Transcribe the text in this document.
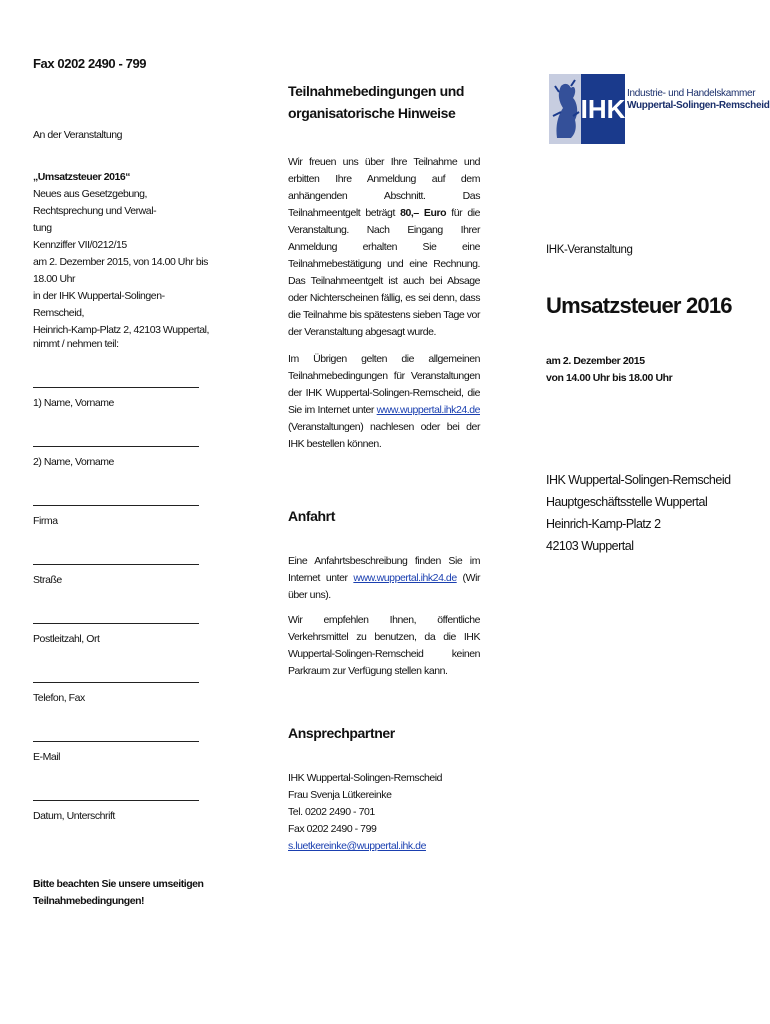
Fax 0202 2490 - 799
An der Veranstaltung
„Umsatzsteuer 2016“
Neues aus Gesetzgebung, Rechtsprechung und Verwal-
tung
Kennziffer VII/0212/15
am 2. Dezember 2015, von 14.00 Uhr bis 18.00 Uhr
in der IHK Wuppertal-Solingen-Remscheid,
Heinrich-Kamp-Platz 2, 42103 Wuppertal,
nimmt / nehmen teil:
1) Name, Vorname
2) Name, Vorname
Firma
Straße
Postleitzahl, Ort
Telefon, Fax
E-Mail
Datum, Unterschrift
Bitte beachten Sie unsere umseitigen
Teilnahmebedingungen!
Teilnahmebedingungen und
organisatorische Hinweise
Wir freuen uns über Ihre Teilnahme und erbitten Ihre Anmeldung auf dem anhängenden Abschnitt. Das Teilnahmeentgelt beträgt 80,– Euro für die Veranstaltung. Nach Eingang Ihrer Anmeldung erhalten Sie eine Teilnahmebestätigung und eine Rechnung. Das Teilnahmeentgelt ist auch bei Absage oder Nichterscheinen fällig, es sei denn, dass die Teilnahme bis spätestens sieben Tage vor der Veranstaltung abgesagt wurde.
Im Übrigen gelten die allgemeinen Teilnahmebedingungen für Veranstaltungen der IHK Wuppertal-Solingen-Remscheid, die Sie im Internet unter www.wuppertal.ihk24.de (Veranstaltungen) nachlesen oder bei der IHK bestellen können.
Anfahrt
Eine Anfahrtsbeschreibung finden Sie im Internet unter www.wuppertal.ihk24.de (Wir über uns).
Wir empfehlen Ihnen, öffentliche Verkehrsmittel zu benutzen, da die IHK Wuppertal-Solingen-Remscheid keinen Parkraum zur Verfügung stellen kann.
Ansprechpartner
IHK Wuppertal-Solingen-Remscheid
Frau Svenja Lütkereinke
Tel. 0202 2490 - 701
Fax 0202 2490 - 799
s.luetkereinke@wuppertal.ihk.de
IHK
Industrie- und Handelskammer
Wuppertal-Solingen-Remscheid
IHK-Veranstaltung
Umsatzsteuer 2016
am 2. Dezember 2015
von 14.00 Uhr bis 18.00 Uhr
IHK Wuppertal-Solingen-Remscheid
Hauptgeschäftsstelle Wuppertal
Heinrich-Kamp-Platz 2
42103 Wuppertal
